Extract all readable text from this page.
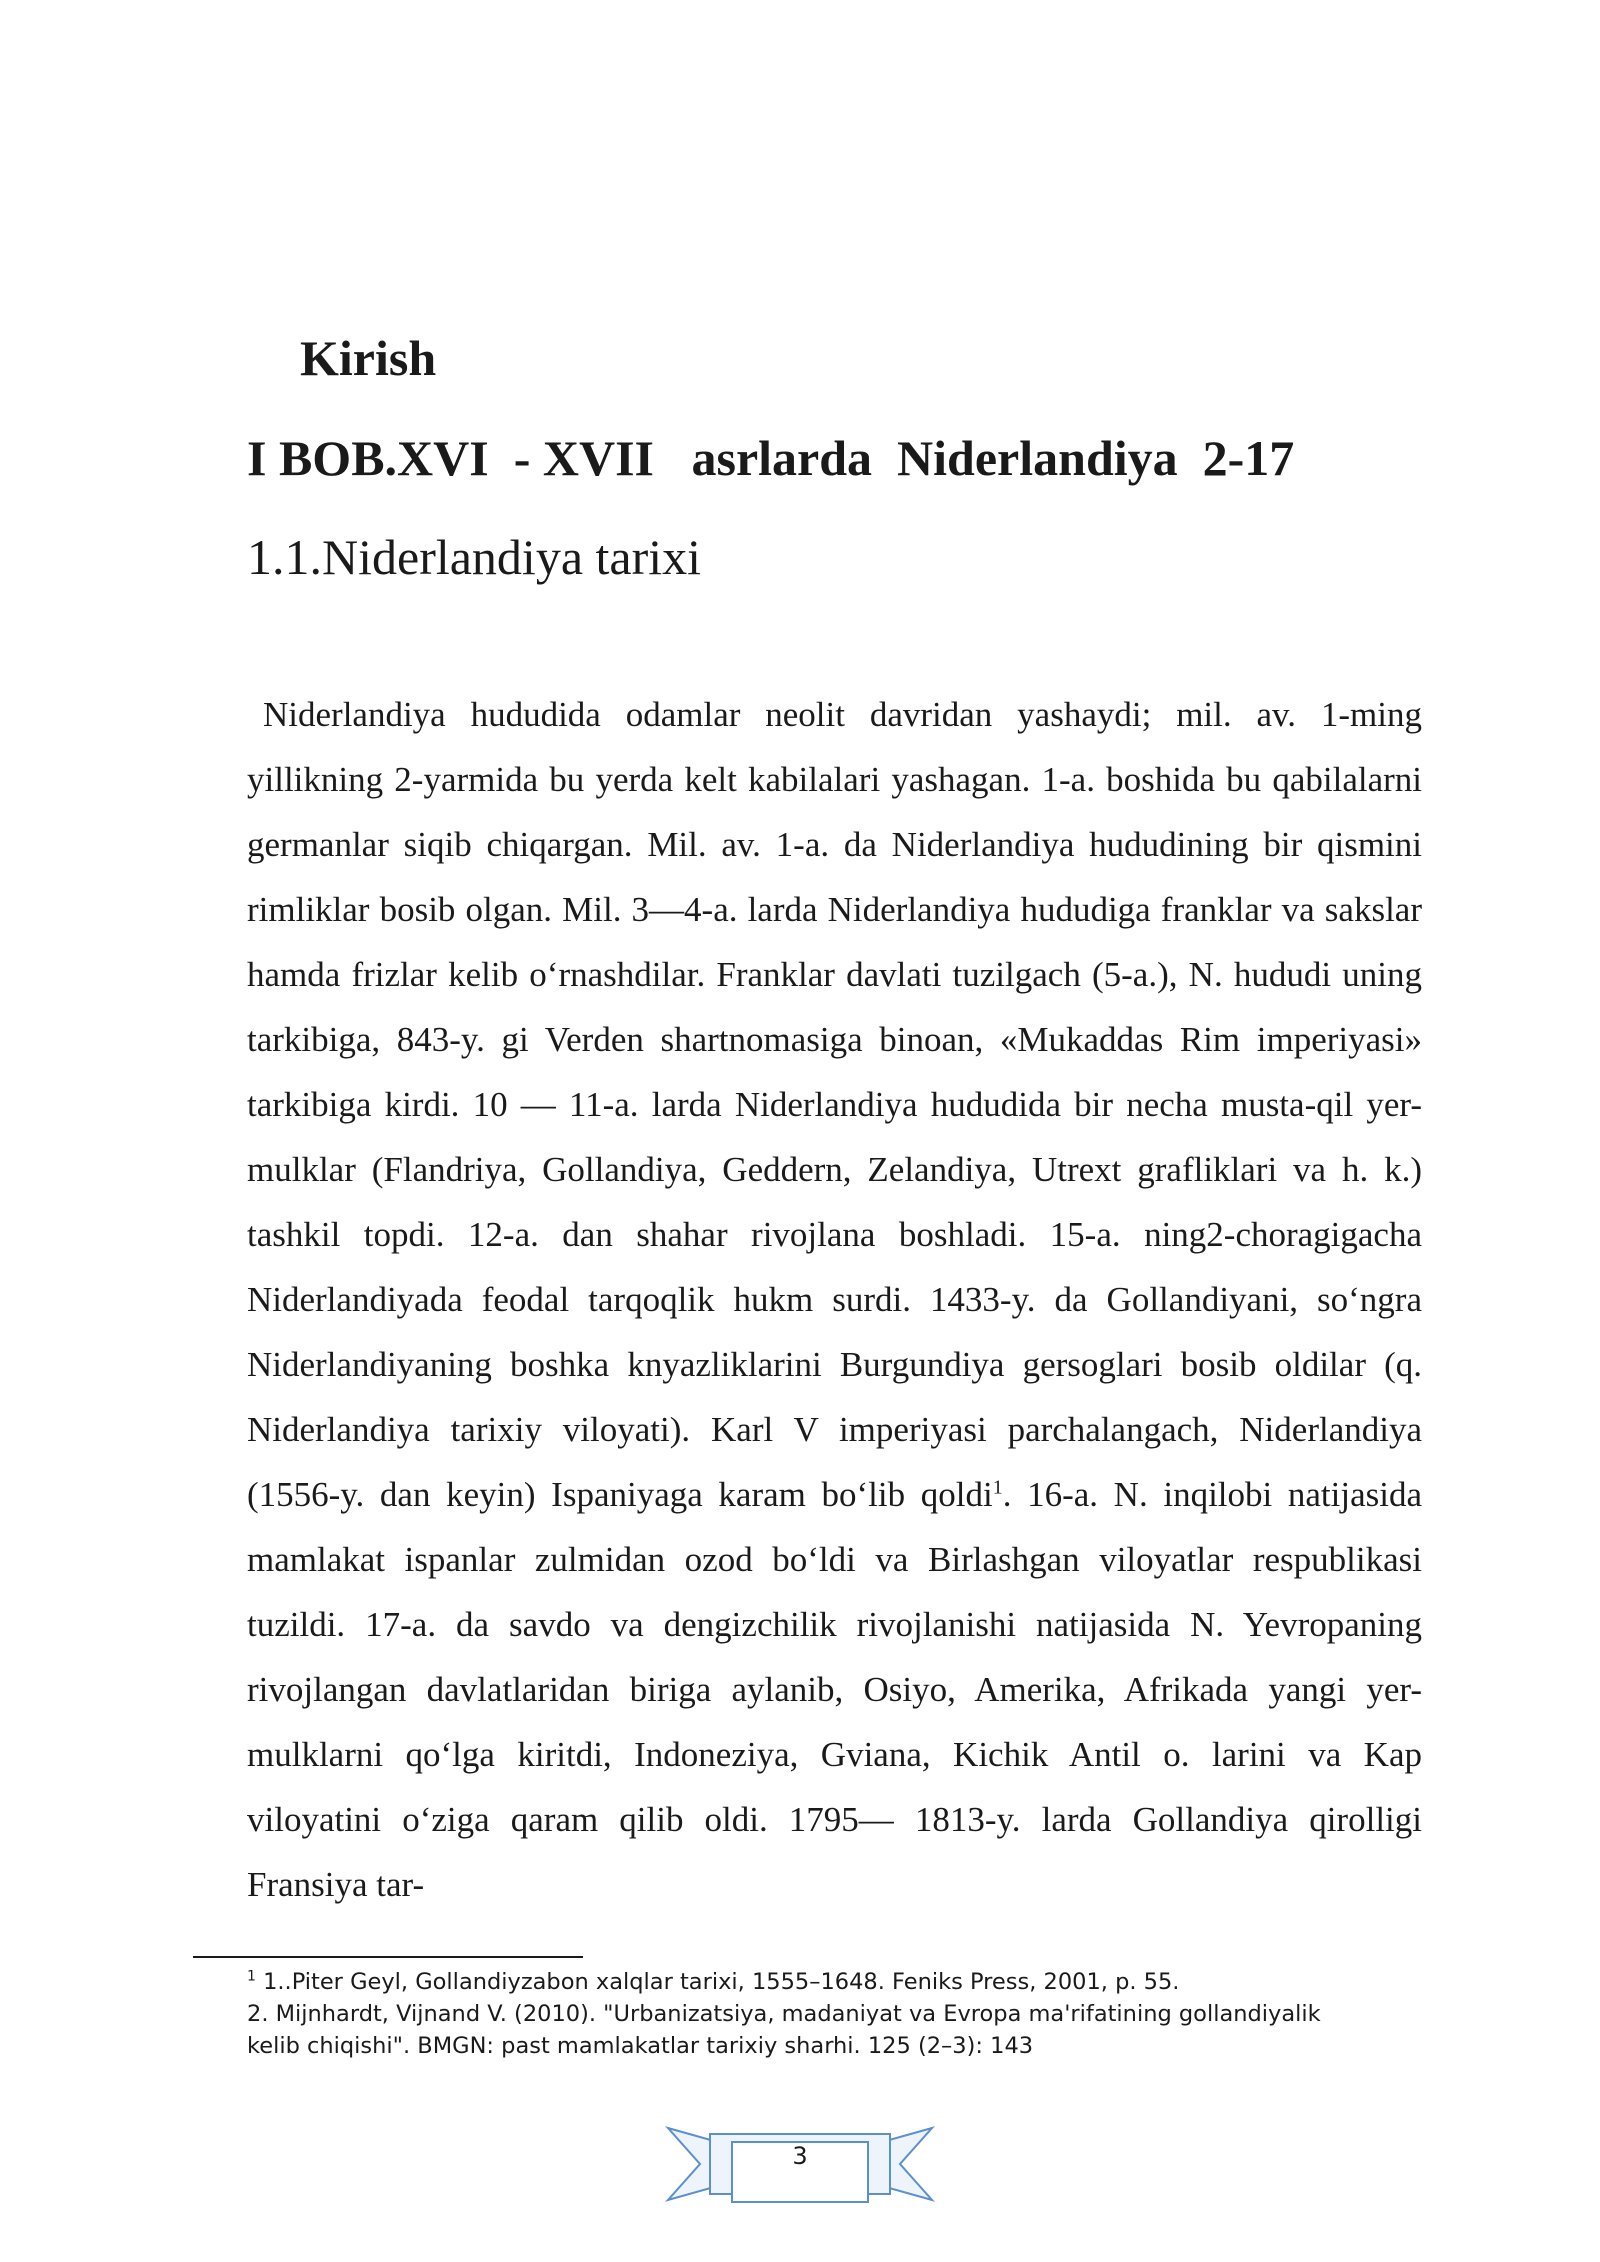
Kirish
I BOB.XVI  - XVII   asrlarda  Niderlandiya  2-17
1.1.Niderlandiya tarixi

Niderlandiya hududida odamlar neolit davridan yashaydi; mil. av. 1-ming yillikning 2-yarmida bu yerda kelt kabilalari yashagan. 1-a. boshida bu qabilalarni germanlar siqib chiqargan. Mil. av. 1-a. da Niderlandiya hududining bir qismini rimliklar bosib olgan. Mil. 3—4-a. larda Niderlandiya hududiga franklar va sakslar hamda frizlar kelib o‘rnashdilar. Franklar davlati tuzilgach (5-a.), N. hududi uning tarkibiga, 843-y. gi Verden shartnomasiga binoan, «Mukaddas Rim imperiyasi» tarkibiga kirdi. 10 — 11-a. larda Niderlandiya hududida bir necha musta-qil yer-mulklar (Flandriya, Gollandiya, Geddern, Zelandiya, Utrext grafliklari va h. k.) tashkil topdi. 12-a. dan shahar rivojlana boshladi. 15-a. ning2-choragigacha Niderlandiyada feodal tarqoqlik hukm surdi. 1433-y. da Gollandiyani, so‘ngra Niderlandiyaning boshka knyazliklarini Burgundiya gersoglari bosib oldilar (q. Niderlandiya tarixiy viloyati). Karl V imperiyasi parchalangach, Niderlandiya (1556-y. dan keyin) Ispaniyaga karam bo‘lib qoldi$^1$. 16-a. N. inqilobi natijasida mamlakat ispanlar zulmidan ozod bo‘ldi va Birlashgan viloyatlar respublikasi tuzildi. 17-a. da savdo va dengizchilik rivojlanishi natijasida N. Yevropaning rivojlangan davlatlaridan biriga aylanib, Osiyo, Amerika, Afrikada yangi yer-mulklarni qo‘lga kiritdi, Indoneziya, Gviana, Kichik Antil o. larini va Kap viloyatini o‘ziga qaram qilib oldi. 1795— 1813-y. larda Gollandiya qirolligi Fransiya tar-

$^1$ 1..Piter Geyl, Gollandiyzabon xalqlar tarixi, 1555–1648. Feniks Press, 2001, p. 55.

2. Mijnhardt, Vijnand V. (2010). "Urbanizatsiya, madaniyat va Evropa ma'rifatining gollandiyalik kelib chiqishi". BMGN: past mamlakatlar tarixiy sharhi. 125 (2–3): 143

3
